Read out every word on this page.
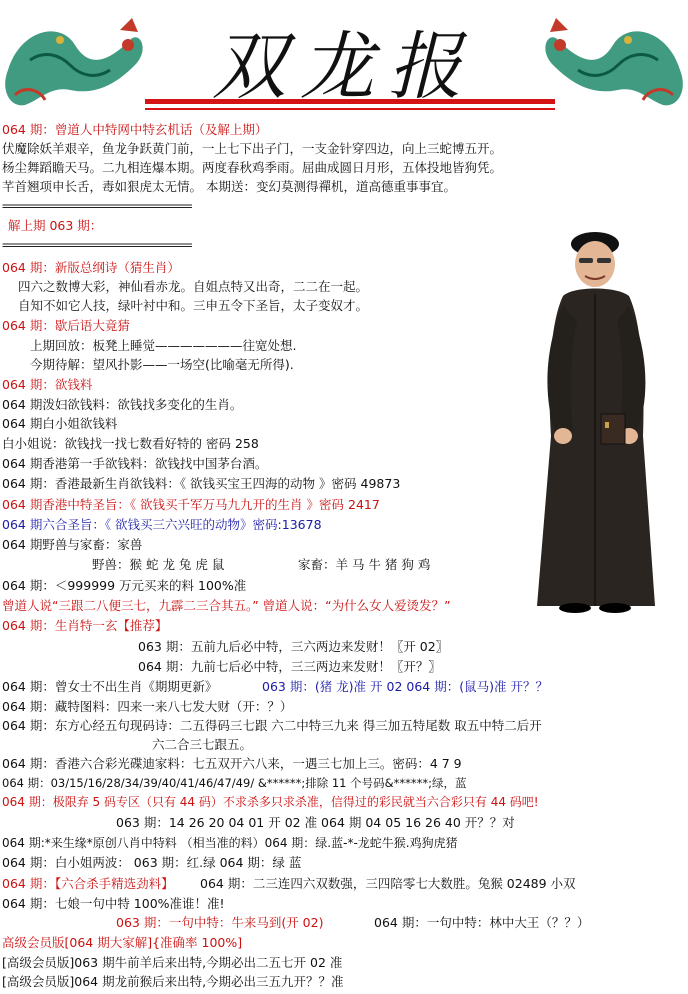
双龙报
064 期：曾道人中特网中特玄机话（及解上期）
伏魔除妖羊艰辛，鱼龙争跃黄门前，一上七下出子门，一支金针穿四边，向上三蛇博五开。
杨尘舞蹈瞻天马。二九相连爆本期。两度春秋鸡季雨。屈曲成圆日月形，五体投地皆狗凭。
芊首翘项申长舌，毒如狠虎太无情。 本期送：变幻莫测得禪机，道高德重事事宜。
=================================
解上期 063 期：
=================================
064 期：新版总纲诗（猜生肖）
四六之数博大彩，神仙看赤龙。自姐点特又出奇，二二在一起。
自知不如它人技，绿叶衬中和。三申五令下圣旨，太子变奴才。
064 期：歇后语大竟猜
上期回放：板凳上睡觉———————往宽处想.
今期待解：望风扑影——一场空(比喻毫无所得).
064 期：欲钱料
064 期泼妇欲钱料：欲钱找多变化的生肖。
064 期白小姐欲钱料
白小姐说：欲钱找一找七数看好特的 密码 258
064 期香港第一手欲钱料：欲钱找中国茅台酒。
064 期：香港最新生肖欲钱料：《 欲钱买宝王四海的动物 》密码 49873
064 期香港中特圣旨：《 欲钱买千军万马九九开的生肖 》密码 2417
064 期六合圣旨：《 欲钱买三六兴旺的动物》密码:13678
064 期野兽与家畜：家兽
野兽：猴 蛇 龙 兔 虎 鼠	家畜：羊 马 牛 猪 狗 鸡
064 期：＜999999 万元买来的料 100%准
曾道人说“三跟二八便三七，九霹二三合其五。” 曾道人说：“为什么女人爱烫发？”
064 期：生肖特一玄【推荐】
063 期：五前九后必中特，三六两边来发财！〖开 02〗
064 期：九前七后必中特，三三两边来发财！〖开？〗
064 期：曾女士不出生肖《期期更新》	063 期：(猪 龙)准 开 02 064 期：(鼠马)准 开？？
064 期：藏特图料：四来一来八七发大财（开：？）
064 期：东方心经五句现码诗：二五得码三七跟 六二中特三九来 得三加五特尾数 取五中特二后开
六二合三七跟五。
064 期：香港六合彩光碟迪家料：七五双开六八来，一遇三七加上三。密码：4 7 9
064 期：03/15/16/28/34/39/40/41/46/47/49/ &******;排除 11 个号码&******;绿，蓝
064 期：极限弃 5 码专区（只有 44 码）不求杀多只求杀准，信得过的彩民就当六合彩只有 44 码吧!
063 期：14 26 20 04 01 开 02 准 064 期 04 05 16 26 40 开？？对
064 期:*来生缘*原创八肖中特料 （相当准的料）064 期：绿.蓝-*-龙蛇牛猴.鸡狗虎猪
064 期：白小姐两波： 063 期：红.绿 064 期：绿 蓝
064 期：【六合杀手精选劲料】 064 期：二三连四六双数强，三四陪零七大数胜。兔猴 02489 小双
064 期：七娘一句中特 100%准谁！准!
063 期：一句中特：牛来马到(开 02)	064 期：一句中特：林中大王（？？）
高级会员版[064 期大家解]{准确率 100%]
[高级会员版]063 期牛前羊后来出特,今期必出二五七开 02 准
[高级会员版]064 期龙前猴后来出特,今期必出三五九开？？准
